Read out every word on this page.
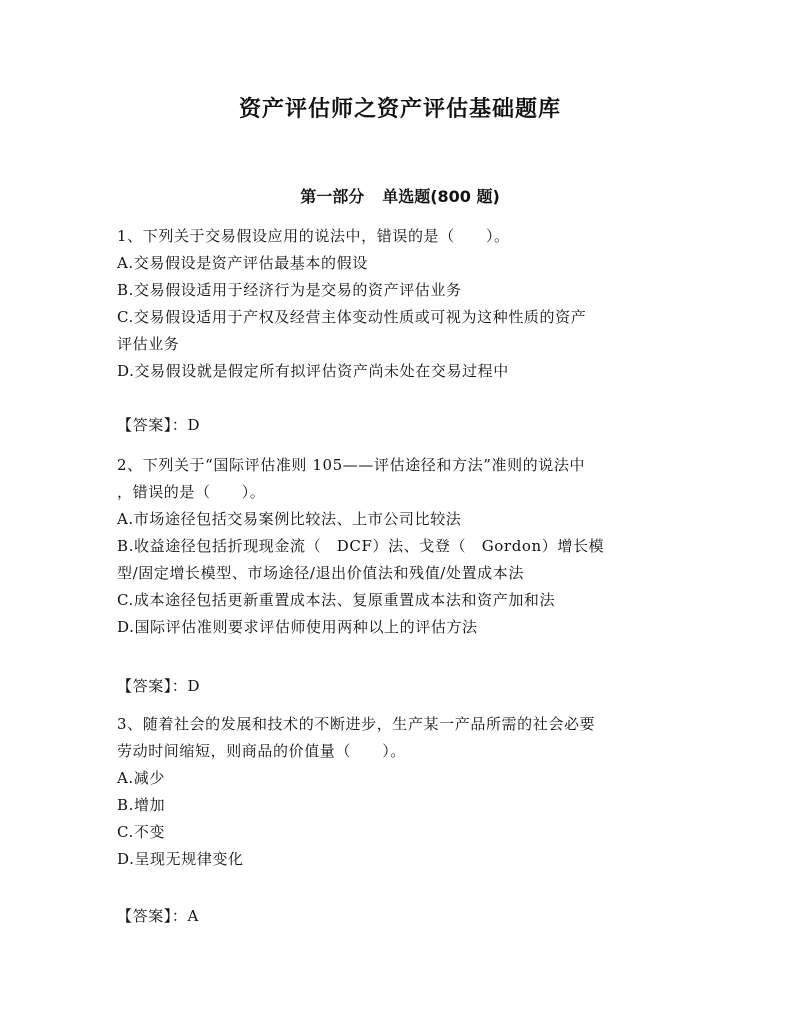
资产评估师之资产评估基础题库
第一部分 单选题(800 题)

1、下列关于交易假设应用的说法中，错误的是（　　）。

A.交易假设是资产评估最基本的假设

B.交易假设适用于经济行为是交易的资产评估业务

C.交易假设适用于产权及经营主体变动性质或可视为这种性质的资产

评估业务

D.交易假设就是假定所有拟评估资产尚未处在交易过程中

【答案】：D

2、下列关于“国际评估准则 105——评估途径和方法”准则的说法中

，错误的是（　　）。

A.市场途径包括交易案例比较法、上市公司比较法

B.收益途径包括折现现金流（　DCF）法、戈登（　Gordon）增长模

型/固定增长模型、市场途径/退出价值法和残值/处置成本法

C.成本途径包括更新重置成本法、复原重置成本法和资产加和法

D.国际评估准则要求评估师使用两种以上的评估方法

【答案】：D

3、随着社会的发展和技术的不断进步，生产某一产品所需的社会必要

劳动时间缩短，则商品的价值量（　　）。

A.减少

B.增加

C.不变

D.呈现无规律变化

【答案】：A
